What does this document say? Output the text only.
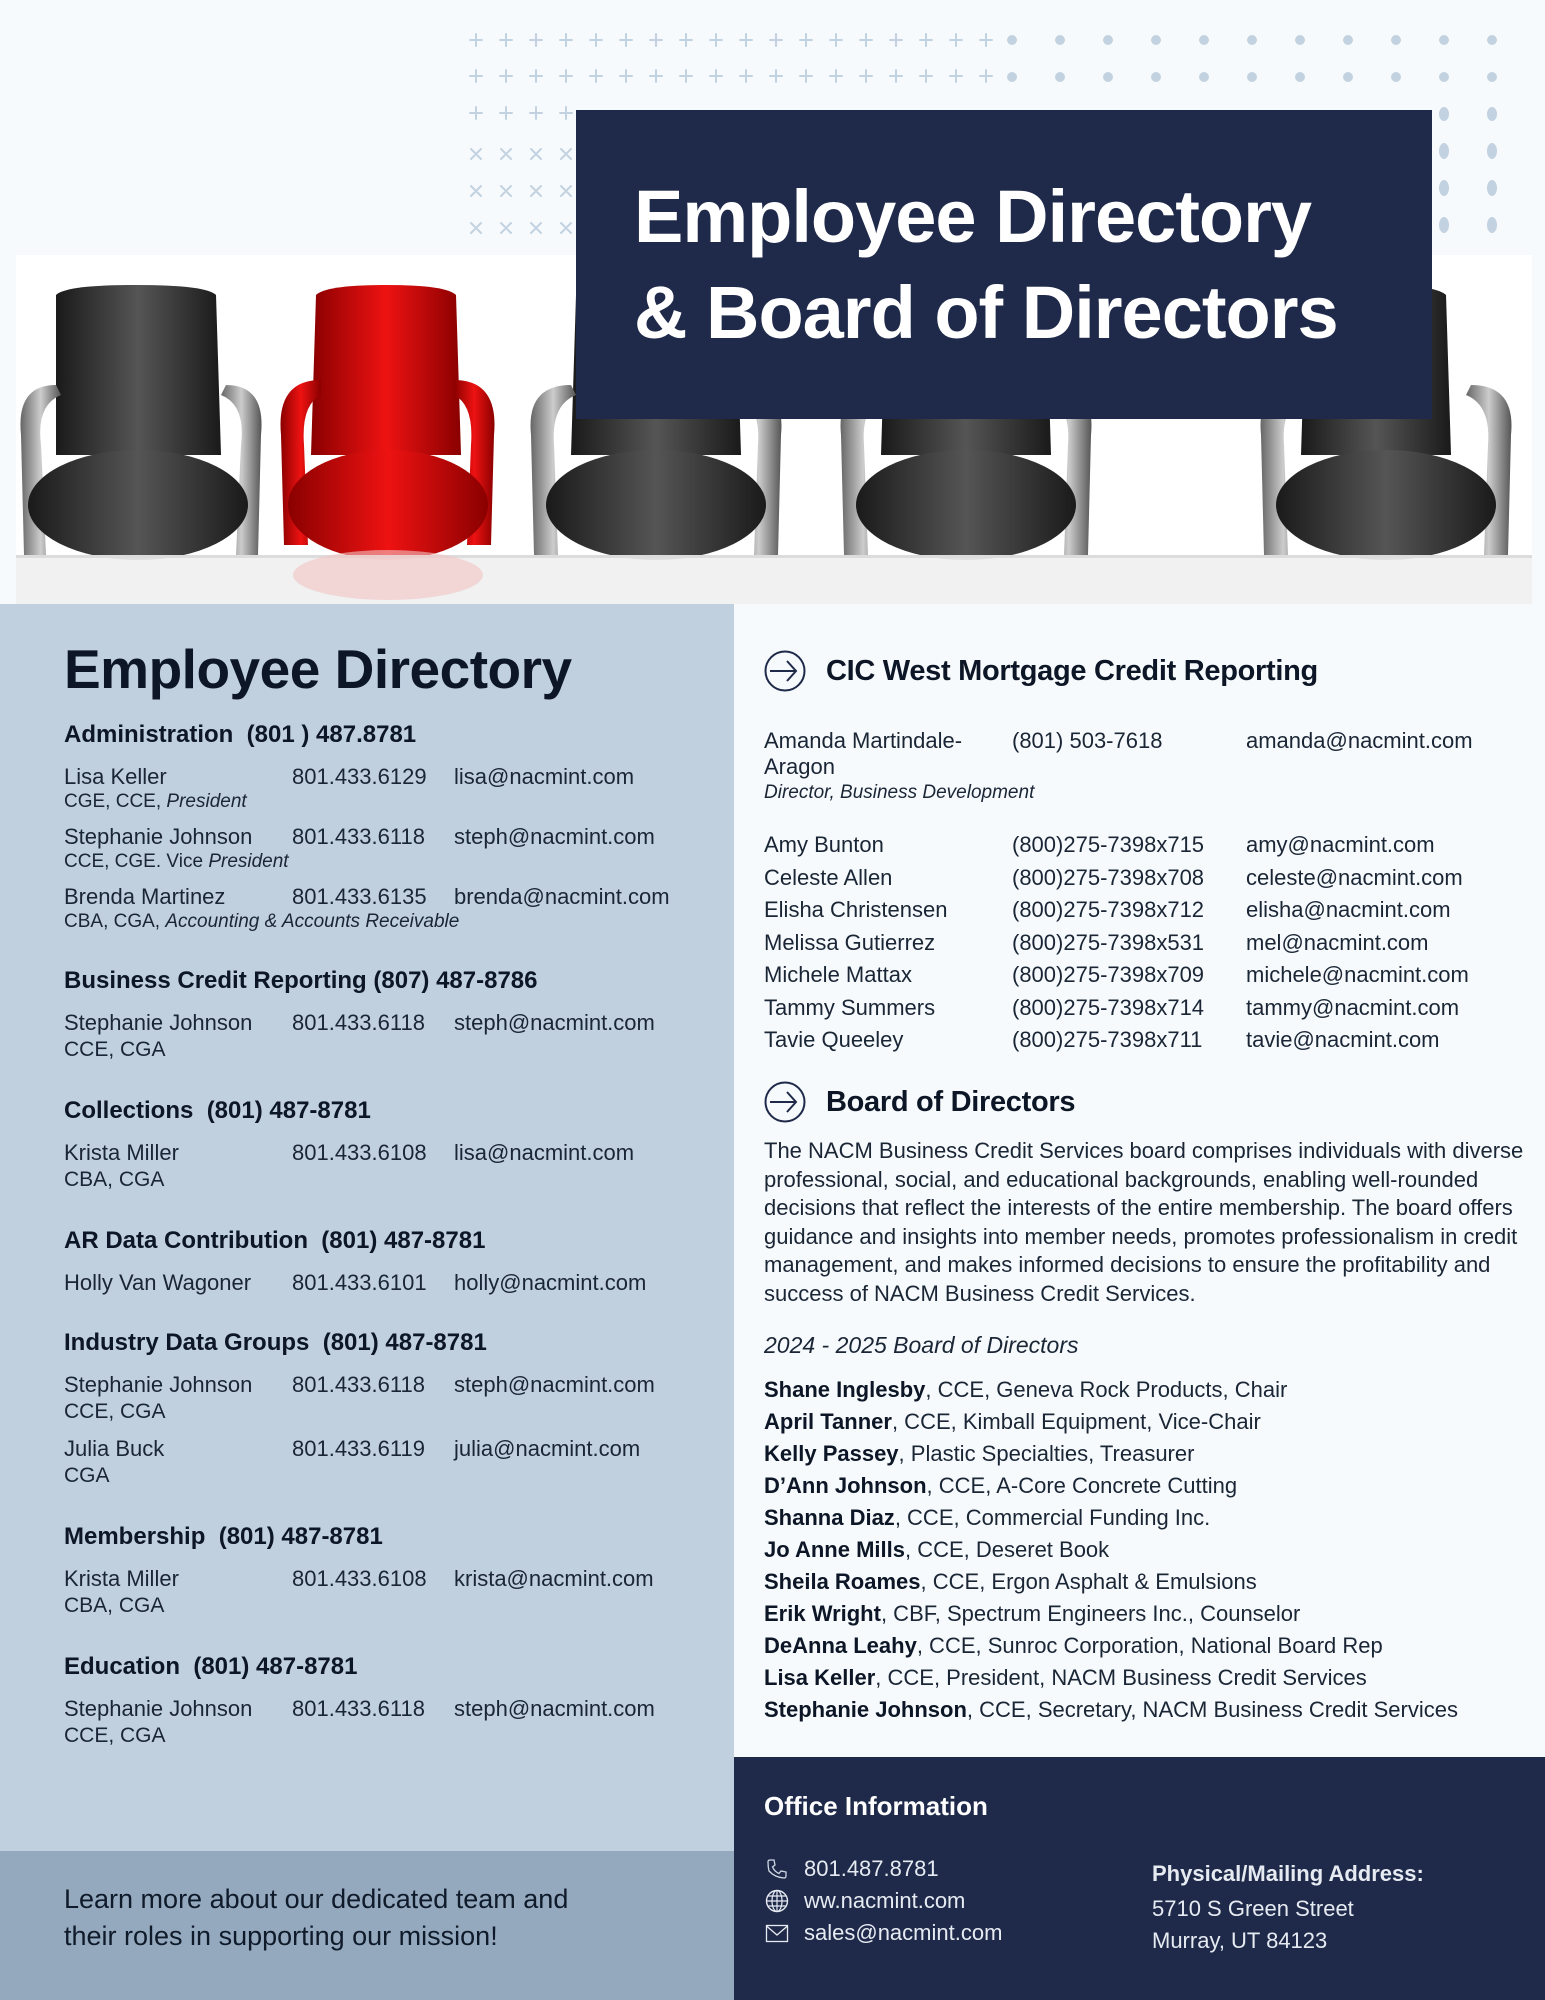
Employee Directory
& Board of Directors
Employee Directory
Administration  (801 ) 487.8781
Lisa Keller	801.433.6129	lisa@nacmint.com
CGE, CCE, President
Stephanie Johnson	801.433.6118	steph@nacmint.com
CCE, CGE. Vice President
Brenda Martinez	801.433.6135	brenda@nacmint.com
CBA, CGA, Accounting & Accounts Receivable
Business Credit Reporting (807) 487-8786
Stephanie Johnson	801.433.6118	steph@nacmint.com
CCE, CGA
Collections  (801) 487-8781
Krista Miller	801.433.6108	lisa@nacmint.com
CBA, CGA
AR Data Contribution  (801) 487-8781
Holly Van Wagoner	801.433.6101	holly@nacmint.com
Industry Data Groups  (801) 487-8781
Stephanie Johnson	801.433.6118	steph@nacmint.com
CCE, CGA
Julia Buck	801.433.6119	julia@nacmint.com
CGA
Membership  (801) 487-8781
Krista Miller	801.433.6108	krista@nacmint.com
CBA, CGA
Education  (801) 487-8781
Stephanie Johnson	801.433.6118	steph@nacmint.com
CCE, CGA
Learn more about our dedicated team and their roles in supporting our mission!
CIC West Mortgage Credit Reporting
Amanda Martindale-
Aragon
(801) 503-7618	amanda@nacmint.com
Director, Business Development
Amy Bunton	(800)275-7398x715	amy@nacmint.com
Celeste Allen	(800)275-7398x708	celeste@nacmint.com
Elisha Christensen	(800)275-7398x712	elisha@nacmint.com
Melissa Gutierrez	(800)275-7398x531	mel@nacmint.com
Michele Mattax	(800)275-7398x709	michele@nacmint.com
Tammy Summers	(800)275-7398x714	tammy@nacmint.com
Tavie Queeley	(800)275-7398x711	tavie@nacmint.com
Board of Directors
The NACM Business Credit Services board comprises individuals with diverse professional, social, and educational backgrounds, enabling well-rounded decisions that reflect the interests of the entire membership. The board offers guidance and insights into member needs, promotes professionalism in credit management, and makes informed decisions to ensure the profitability and success of NACM Business Credit Services.
2024 - 2025 Board of Directors
Shane Inglesby, CCE, Geneva Rock Products, Chair
April Tanner, CCE, Kimball Equipment, Vice-Chair
Kelly Passey, Plastic Specialties, Treasurer
D’Ann Johnson, CCE, A-Core Concrete Cutting
Shanna Diaz, CCE, Commercial Funding Inc.
Jo Anne Mills, CCE, Deseret Book
Sheila Roames, CCE, Ergon Asphalt & Emulsions
Erik Wright, CBF, Spectrum Engineers Inc., Counselor
DeAnna Leahy, CCE, Sunroc Corporation, National Board Rep
Lisa Keller, CCE, President, NACM Business Credit Services
Stephanie Johnson, CCE, Secretary, NACM Business Credit Services
Office Information
801.487.8781
ww.nacmint.com
sales@nacmint.com
Physical/Mailing Address:
5710 S Green Street
Murray, UT 84123
